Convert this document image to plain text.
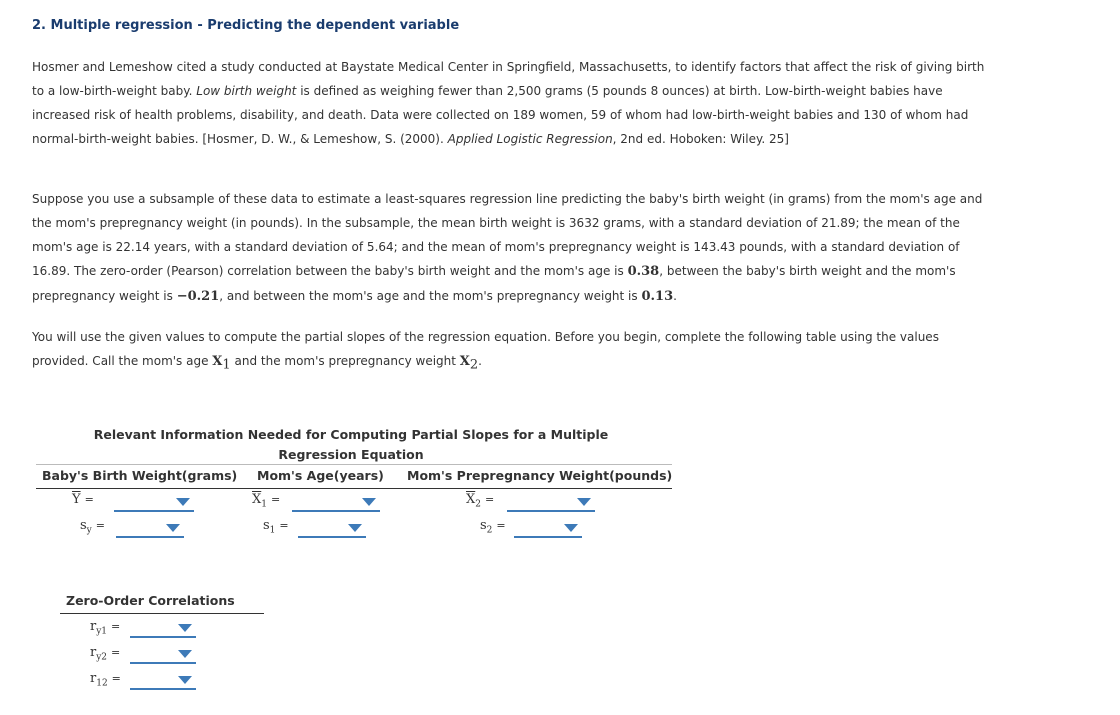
2. Multiple regression - Predicting the dependent variable
Hosmer and Lemeshow cited a study conducted at Baystate Medical Center in Springfield, Massachusetts, to identify factors that affect the risk of giving birth to a low-birth-weight baby. Low birth weight is defined as weighing fewer than 2,500 grams (5 pounds 8 ounces) at birth. Low-birth-weight babies have increased risk of health problems, disability, and death. Data were collected on 189 women, 59 of whom had low-birth-weight babies and 130 of whom had normal-birth-weight babies. [Hosmer, D. W., & Lemeshow, S. (2000). Applied Logistic Regression, 2nd ed. Hoboken: Wiley. 25]
Suppose you use a subsample of these data to estimate a least-squares regression line predicting the baby's birth weight (in grams) from the mom's age and the mom's prepregnancy weight (in pounds). In the subsample, the mean birth weight is 3632 grams, with a standard deviation of 21.89; the mean of the mom's age is 22.14 years, with a standard deviation of 5.64; and the mean of mom's prepregnancy weight is 143.43 pounds, with a standard deviation of 16.89. The zero-order (Pearson) correlation between the baby's birth weight and the mom's age is 0.38, between the baby's birth weight and the mom's prepregnancy weight is −0.21, and between the mom's age and the mom's prepregnancy weight is 0.13.
You will use the given values to compute the partial slopes of the regression equation. Before you begin, complete the following table using the values provided. Call the mom's age $X_1$ and the mom's prepregnancy weight $X_2$.
Relevant Information Needed for Computing Partial Slopes for a Multiple Regression Equation
Baby's Birth Weight(grams) Mom's Age(years) Mom's Prepregnancy Weight(pounds)
$\overline{Y}$ =	$\overline{X}_1$ =	$\overline{X}_2$ =
$s_y$ =	$s_1$ =	$s_2$ =
Zero-Order Correlations
$r_{y1}$ =
$r_{y2}$ =
$r_{12}$ =
